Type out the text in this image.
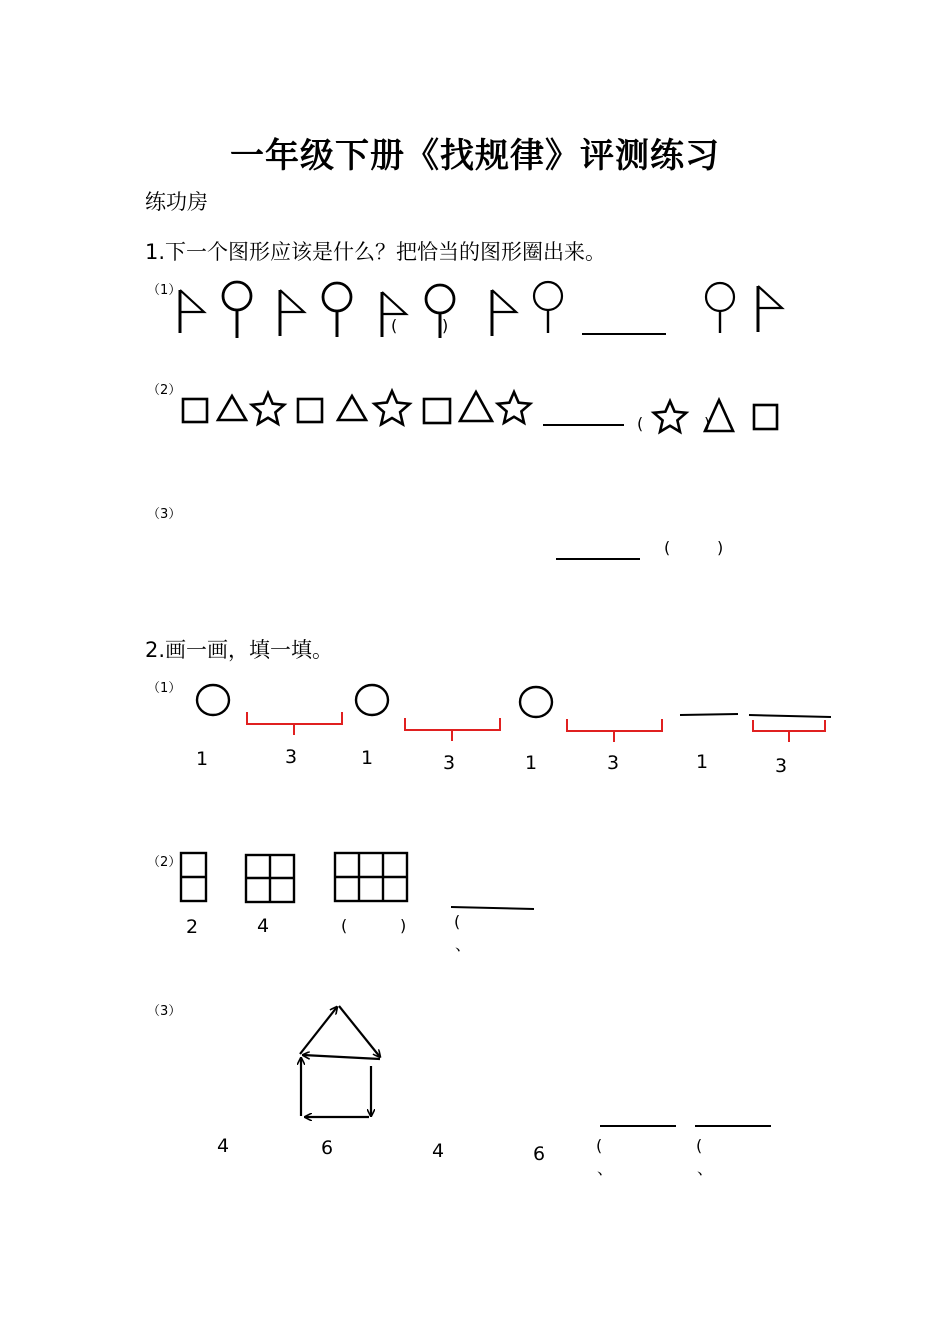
一年级下册《找规律》评测练习
练功房
1.下一个图形应该是什么？把恰当的图形圈出来。
（1）
（2）
（3）
(	)
(	)
(	)
2.画一画，填一填。
（1）
（2）
（3）
1	3	1	3	1	3	1	3
2	4	(	)	(
、
4	6	4	6	(
、
(
、
